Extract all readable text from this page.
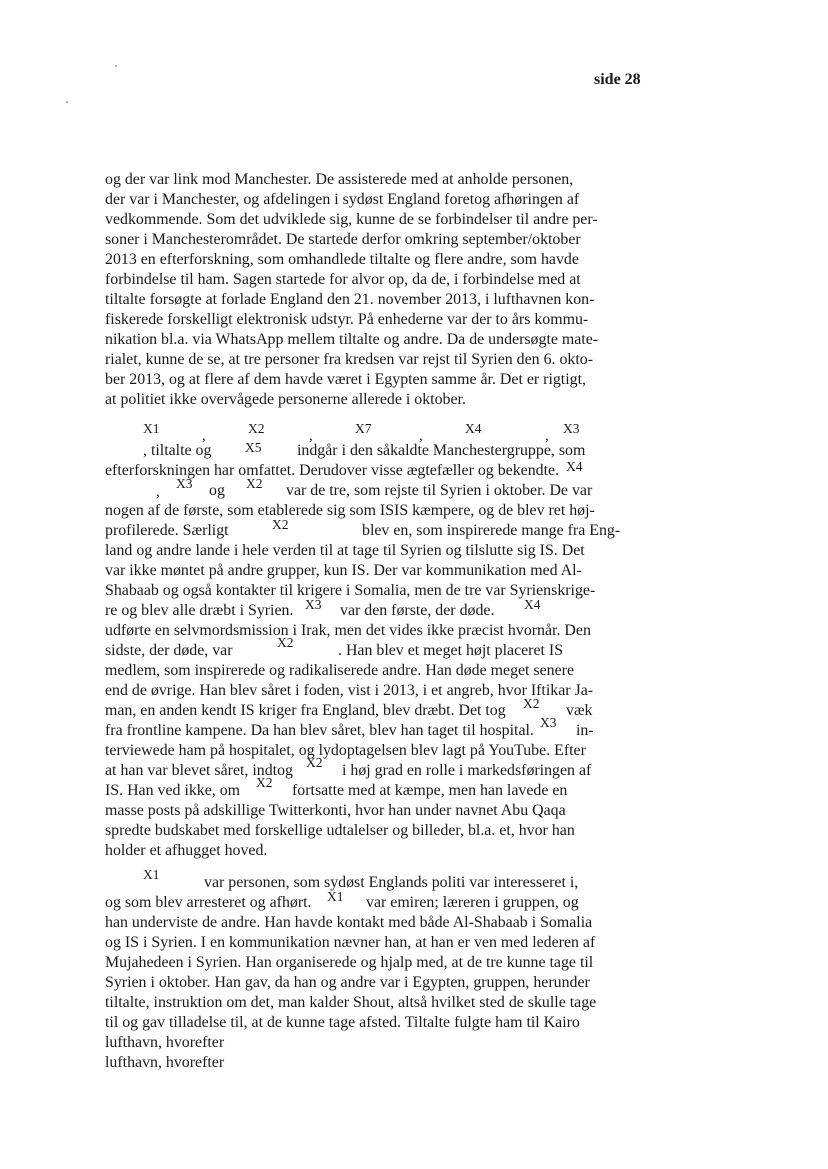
side 28
og der var link mod Manchester. De assisterede med at anholde personen,
der var i Manchester, og afdelingen i sydøst England foretog afhøringen af
vedkommende. Som det udviklede sig, kunne de se forbindelser til andre per-
soner i Manchesterområdet. De startede derfor omkring september/oktober
2013 en efterforskning, som omhandlede tiltalte og flere andre, som havde
forbindelse til ham. Sagen startede for alvor op, da de, i forbindelse med at
tiltalte forsøgte at forlade England den 21. november 2013, i lufthavnen kon-
fiskerede forskelligt elektronisk udstyr. På enhederne var der to års kommu-
nikation bl.a. via WhatsApp mellem tiltalte og andre. Da de undersøgte mate-
rialet, kunne de se, at tre personer fra kredsen var rejst til Syrien den 6. okto-
ber 2013, og at flere af dem havde været i Egypten samme år. Det er rigtigt,
at politiet ikke overvågede personerne allerede i oktober.
X1	,	X2	,	X7	,	X4	, X3
, tiltalte og X5 indgår i den såkaldte Manchestergruppe, som
efterforskningen har omfattet. Derudover visse ægtefæller og bekendte. X4
,
X3 og X2 var de tre, som rejste til Syrien i oktober. De var
nogen af de første, som etablerede sig som ISIS kæmpere, og de blev ret høj-
profilerede. Særligt	X2	blev en, som inspirerede mange fra Eng-
land og andre lande i hele verden til at tage til Syrien og tilslutte sig IS. Det
var ikke møntet på andre grupper, kun IS. Der var kommunikation med Al-
Shabaab og også kontakter til krigere i Somalia, men de tre var Syrienskrige-
re og blev alle dræbt i Syrien. X3 var den første, der døde. X4
udførte en selvmordsmission i Irak, men det vides ikke præcist hvornår. Den
sidste, der døde, var	X2	. Han blev et meget højt placeret IS
medlem, som inspirerede og radikaliserede andre. Han døde meget senere
end de øvrige. Han blev såret i foden, vist i 2013, i et angreb, hvor Iftikar Ja-
man, en anden kendt IS kriger fra England, blev dræbt. Det tog X2 væk
fra frontline kampene. Da han blev såret, blev han taget til hospital. X3 in-
terviewede ham på hospitalet, og lydoptagelsen blev lagt på YouTube. Efter
at han var blevet såret, indtog X2 i høj grad en rolle i markedsføringen af
IS. Han ved ikke, om X2 fortsatte med at kæmpe, men han lavede en
masse posts på adskillige Twitterkonti, hvor han under navnet Abu Qaqa
spredte budskabet med forskellige udtalelser og billeder, bl.a. et, hvor han
holder et afhugget hoved.
X1	var personen, som sydøst Englands politi var interesseret i,
og som blev arresteret og afhørt. X1 var emiren; læreren i gruppen, og
han underviste de andre. Han havde kontakt med både Al-Shabaab i Somalia
og IS i Syrien. I en kommunikation nævner han, at han er ven med lederen af
Mujahedeen i Syrien. Han organiserede og hjalp med, at de tre kunne tage til
Syrien i oktober. Han gav, da han og andre var i Egypten, gruppen, herunder
tiltalte, instruktion om det, man kalder Shout, altså hvilket sted de skulle tage
til og gav tilladelse til, at de kunne tage afsted. Tiltalte fulgte ham til Kairo
lufthavn, hvorefter
lufthavn, hvorefter
